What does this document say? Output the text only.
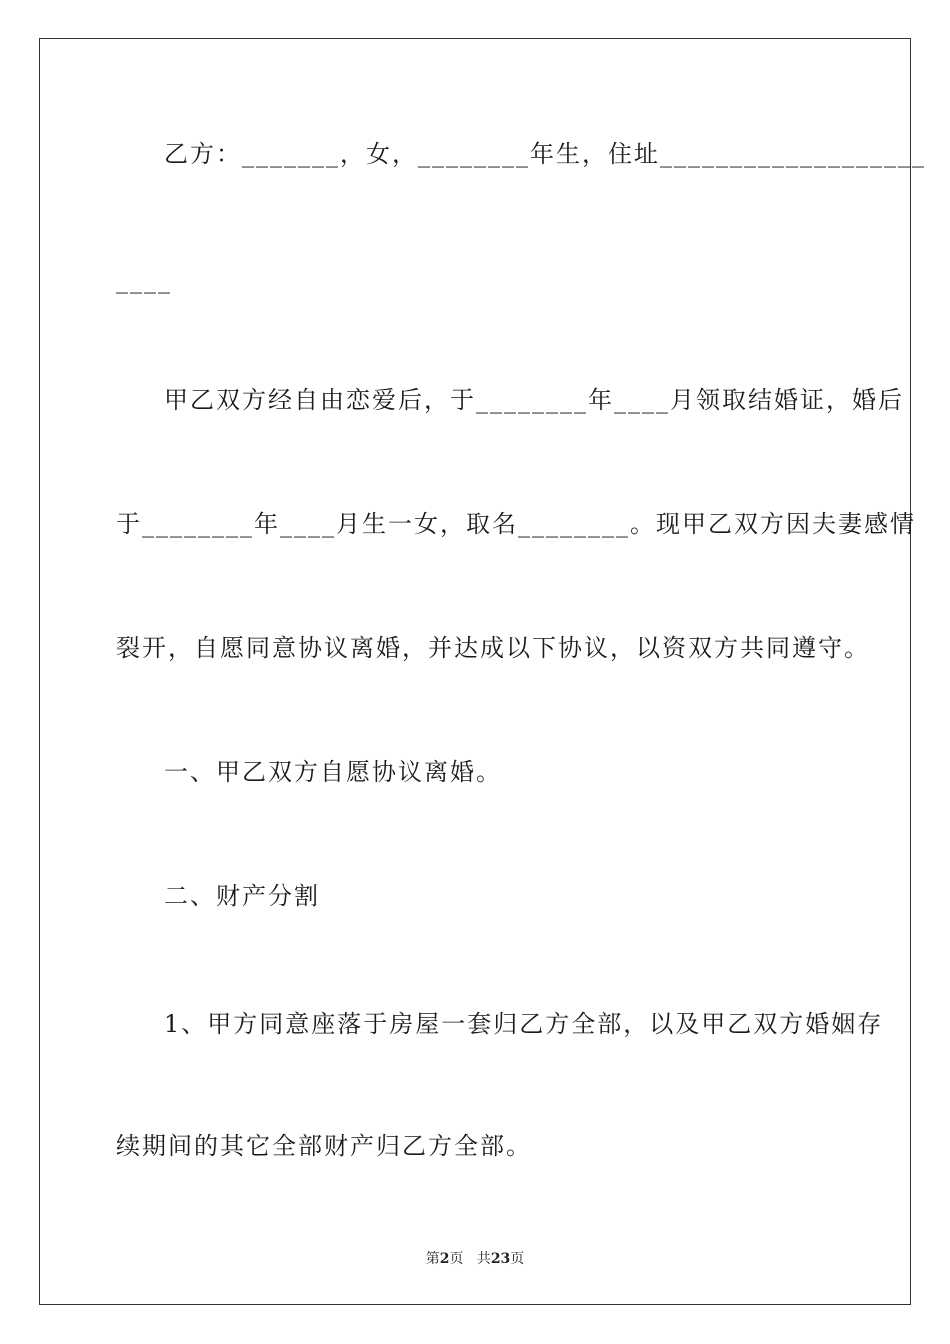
乙方：_______，女，________年生，住址___________________
____
甲乙双方经自由恋爱后，于________年____月领取结婚证，婚后
于________年____月生一女，取名________。现甲乙双方因夫妻感情
裂开，自愿同意协议离婚，并达成以下协议，以资双方共同遵守。
一、甲乙双方自愿协议离婚。
二、财产分割
1、甲方同意座落于房屋一套归乙方全部，以及甲乙双方婚姻存
续期间的其它全部财产归乙方全部。
第2页 共23页
